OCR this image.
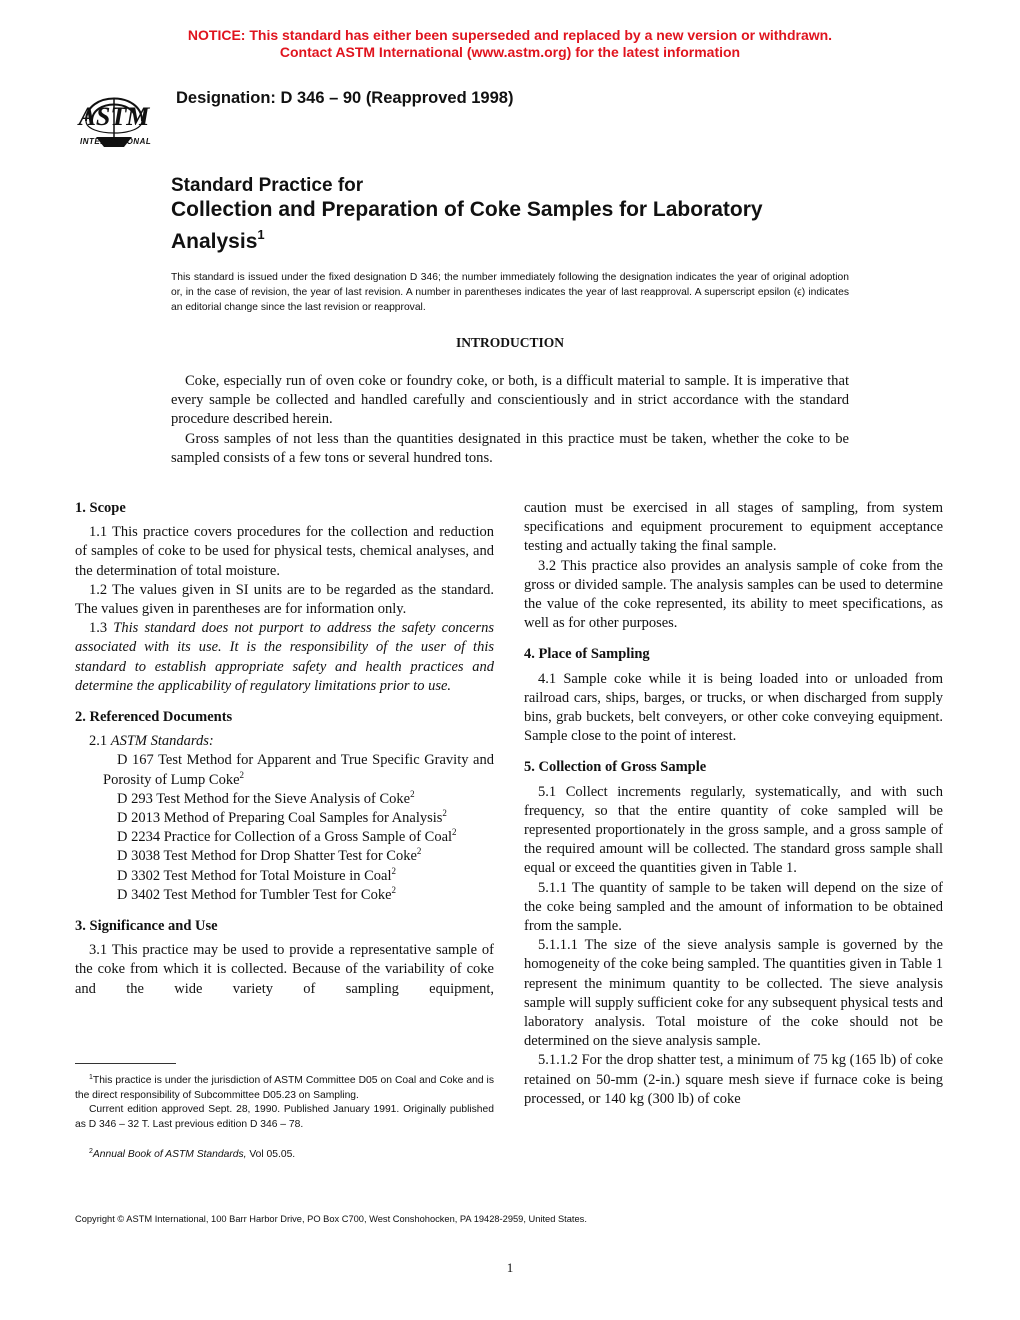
NOTICE: This standard has either been superseded and replaced by a new version or withdrawn.
Contact ASTM International (www.astm.org) for the latest information
ASTM
INTERNATIONAL
Designation: D 346 – 90 (Reapproved 1998)
Standard Practice for
Collection and Preparation of Coke Samples for Laboratory
Analysis$^1$
This standard is issued under the fixed designation D 346; the number immediately following the designation indicates the year of original adoption or, in the case of revision, the year of last revision. A number in parentheses indicates the year of last reapproval. A superscript epsilon (ϵ) indicates an editorial change since the last revision or reapproval.
INTRODUCTION

Coke, especially run of oven coke or foundry coke, or both, is a difficult material to sample. It is imperative that every sample be collected and handled carefully and conscientiously and in strict accordance with the standard procedure described herein.

Gross samples of not less than the quantities designated in this practice must be taken, whether the coke to be sampled consists of a few tons or several hundred tons.

1. Scope

1.1 This practice covers procedures for the collection and reduction of samples of coke to be used for physical tests, chemical analyses, and the determination of total moisture.

1.2 The values given in SI units are to be regarded as the standard. The values given in parentheses are for information only.

1.3 This standard does not purport to address the safety concerns associated with its use. It is the responsibility of the user of this standard to establish appropriate safety and health practices and determine the applicability of regulatory limitations prior to use.

2. Referenced Documents

2.1 ASTM Standards:

D 167 Test Method for Apparent and True Specific Gravity and Porosity of Lump Coke$^2$

D 293 Test Method for the Sieve Analysis of Coke$^2$

D 2013 Method of Preparing Coal Samples for Analysis$^2$

D 2234 Practice for Collection of a Gross Sample of Coal$^2$

D 3038 Test Method for Drop Shatter Test for Coke$^2$

D 3302 Test Method for Total Moisture in Coal$^2$

D 3402 Test Method for Tumbler Test for Coke$^2$

3. Significance and Use

3.1 This practice may be used to provide a representative sample of the coke from which it is collected. Because of the variability of coke and the wide variety of sampling equipment,

caution must be exercised in all stages of sampling, from system specifications and equipment procurement to equipment acceptance testing and actually taking the final sample.

3.2 This practice also provides an analysis sample of coke from the gross or divided sample. The analysis samples can be used to determine the value of the coke represented, its ability to meet specifications, as well as for other purposes.

4. Place of Sampling

4.1 Sample coke while it is being loaded into or unloaded from railroad cars, ships, barges, or trucks, or when discharged from supply bins, grab buckets, belt conveyers, or other coke conveying equipment. Sample close to the point of interest.

5. Collection of Gross Sample

5.1 Collect increments regularly, systematically, and with such frequency, so that the entire quantity of coke sampled will be represented proportionately in the gross sample, and a gross sample of the required amount will be collected. The standard gross sample shall equal or exceed the quantities given in Table 1.

5.1.1 The quantity of sample to be taken will depend on the size of the coke being sampled and the amount of information to be obtained from the sample.

5.1.1.1 The size of the sieve analysis sample is governed by the homogeneity of the coke being sampled. The quantities given in Table 1 represent the minimum quantity to be collected. The sieve analysis sample will supply sufficient coke for any subsequent physical tests and laboratory analysis. Total moisture of the coke should not be determined on the sieve analysis sample.

5.1.1.2 For the drop shatter test, a minimum of 75 kg (165 lb) of coke retained on 50-mm (2-in.) square mesh sieve if furnace coke is being processed, or 140 kg (300 lb) of coke

$^1$This practice is under the jurisdiction of ASTM Committee D05 on Coal and Coke and is the direct responsibility of Subcommittee D05.23 on Sampling.

Current edition approved Sept. 28, 1990. Published January 1991. Originally published as D 346 – 32 T. Last previous edition D 346 – 78.

$^2$Annual Book of ASTM Standards, Vol 05.05.

Copyright © ASTM International, 100 Barr Harbor Drive, PO Box C700, West Conshohocken, PA 19428-2959, United States.
1
